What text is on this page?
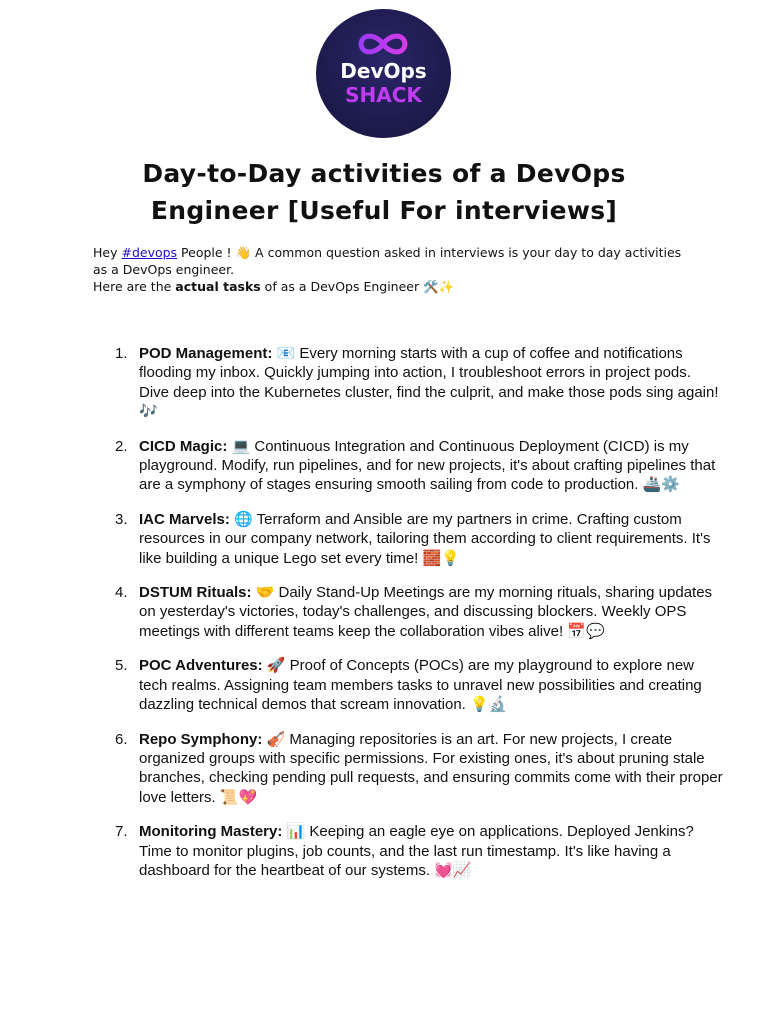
DevOps
SHACK
Day-to-Day activities of a DevOps
Engineer [Useful For interviews]
Hey #devops People ! 👋 A common question asked in interviews is your day to day activities as a DevOps engineer.
Here are the actual tasks of as a DevOps Engineer 🛠️✨
1. POD Management: 📧 Every morning starts with a cup of coffee and notifications flooding my inbox. Quickly jumping into action, I troubleshoot errors in project pods. Dive deep into the Kubernetes cluster, find the culprit, and make those pods sing again! 🎶
2. CICD Magic: 💻 Continuous Integration and Continuous Deployment (CICD) is my playground. Modify, run pipelines, and for new projects, it's about crafting pipelines that are a symphony of stages ensuring smooth sailing from code to production. 🚢⚙️
3. IAC Marvels: 🌐 Terraform and Ansible are my partners in crime. Crafting custom resources in our company network, tailoring them according to client requirements. It's like building a unique Lego set every time! 🧱💡
4. DSTUM Rituals: 🤝 Daily Stand-Up Meetings are my morning rituals, sharing updates on yesterday's victories, today's challenges, and discussing blockers. Weekly OPS meetings with different teams keep the collaboration vibes alive! 📅💬
5. POC Adventures: 🚀 Proof of Concepts (POCs) are my playground to explore new tech realms. Assigning team members tasks to unravel new possibilities and creating dazzling technical demos that scream innovation. 💡🔬
6. Repo Symphony: 🎻 Managing repositories is an art. For new projects, I create organized groups with specific permissions. For existing ones, it's about pruning stale branches, checking pending pull requests, and ensuring commits come with their proper love letters. 📜💖
7. Monitoring Mastery: 📊 Keeping an eagle eye on applications. Deployed Jenkins? Time to monitor plugins, job counts, and the last run timestamp. It's like having a dashboard for the heartbeat of our systems. 💓📈
